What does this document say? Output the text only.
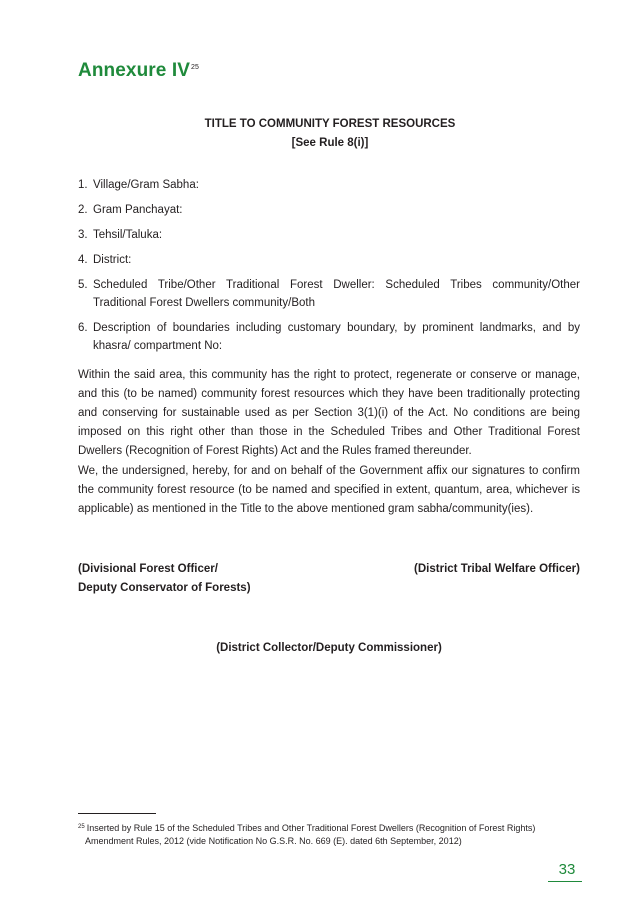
Annexure IV$^{25}$
TITLE TO COMMUNITY FOREST RESOURCES
[See Rule 8(i)]
1. Village/Gram Sabha:
2. Gram Panchayat:
3. Tehsil/Taluka:
4. District:
5. Scheduled Tribe/Other Traditional Forest Dweller: Scheduled Tribes community/Other Traditional Forest Dwellers community/Both
6. Description of boundaries including customary boundary, by prominent landmarks, and by khasra/ compartment No:

Within the said area, this community has the right to protect, regenerate or conserve or manage, and this (to be named) community forest resources which they have been traditionally protecting and conserving for sustainable used as per Section 3(1)(i) of the Act. No conditions are being imposed on this right other than those in the Scheduled Tribes and Other Traditional Forest Dwellers (Recognition of Forest Rights) Act and the Rules framed thereunder.

We, the undersigned, hereby, for and on behalf of the Government affix our signatures to confirm the community forest resource (to be named and specified in extent, quantum, area, whichever is applicable) as mentioned in the Title to the above mentioned gram sabha/community(ies).

(Divisional Forest Officer/
Deputy Conservator of Forests)
(District Tribal Welfare Officer)
(District Collector/Deputy Commissioner)
$^{25}$ Inserted by Rule 15 of the Scheduled Tribes and Other Traditional Forest Dwellers (Recognition of Forest Rights)
Amendment Rules, 2012 (vide Notification No G.S.R. No. 669 (E). dated 6th September, 2012)
33
